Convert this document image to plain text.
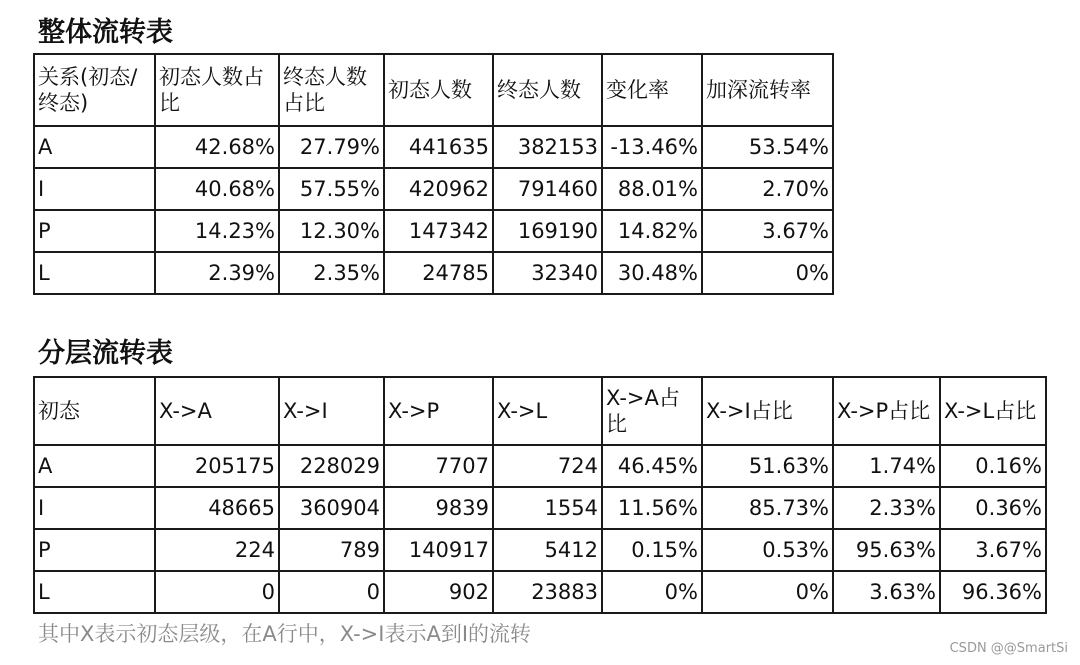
整体流转表
关系(初态/终态)	初态人数占比	终态人数占比	初态人数	终态人数	变化率	加深流转率
A	42.68%	27.79%	441635	382153	-13.46%	53.54%
I	40.68%	57.55%	420962	791460	88.01%	2.70%
P	14.23%	12.30%	147342	169190	14.82%	3.67%
L	2.39%	2.35%	24785	32340	30.48%	0%
分层流转表
初态	X->A	X->I	X->P	X->L	X->A占比	X->I占比	X->P占比	X->L占比
A	205175	228029	7707	724	46.45%	51.63%	1.74%	0.16%
I	48665	360904	9839	1554	11.56%	85.73%	2.33%	0.36%
P	224	789	140917	5412	0.15%	0.53%	95.63%	3.67%
L	0	0	902	23883	0%	0%	3.63%	96.36%

其中X表示初态层级，在A行中，X->I表示A到I的流转

CSDN @@SmartSi
